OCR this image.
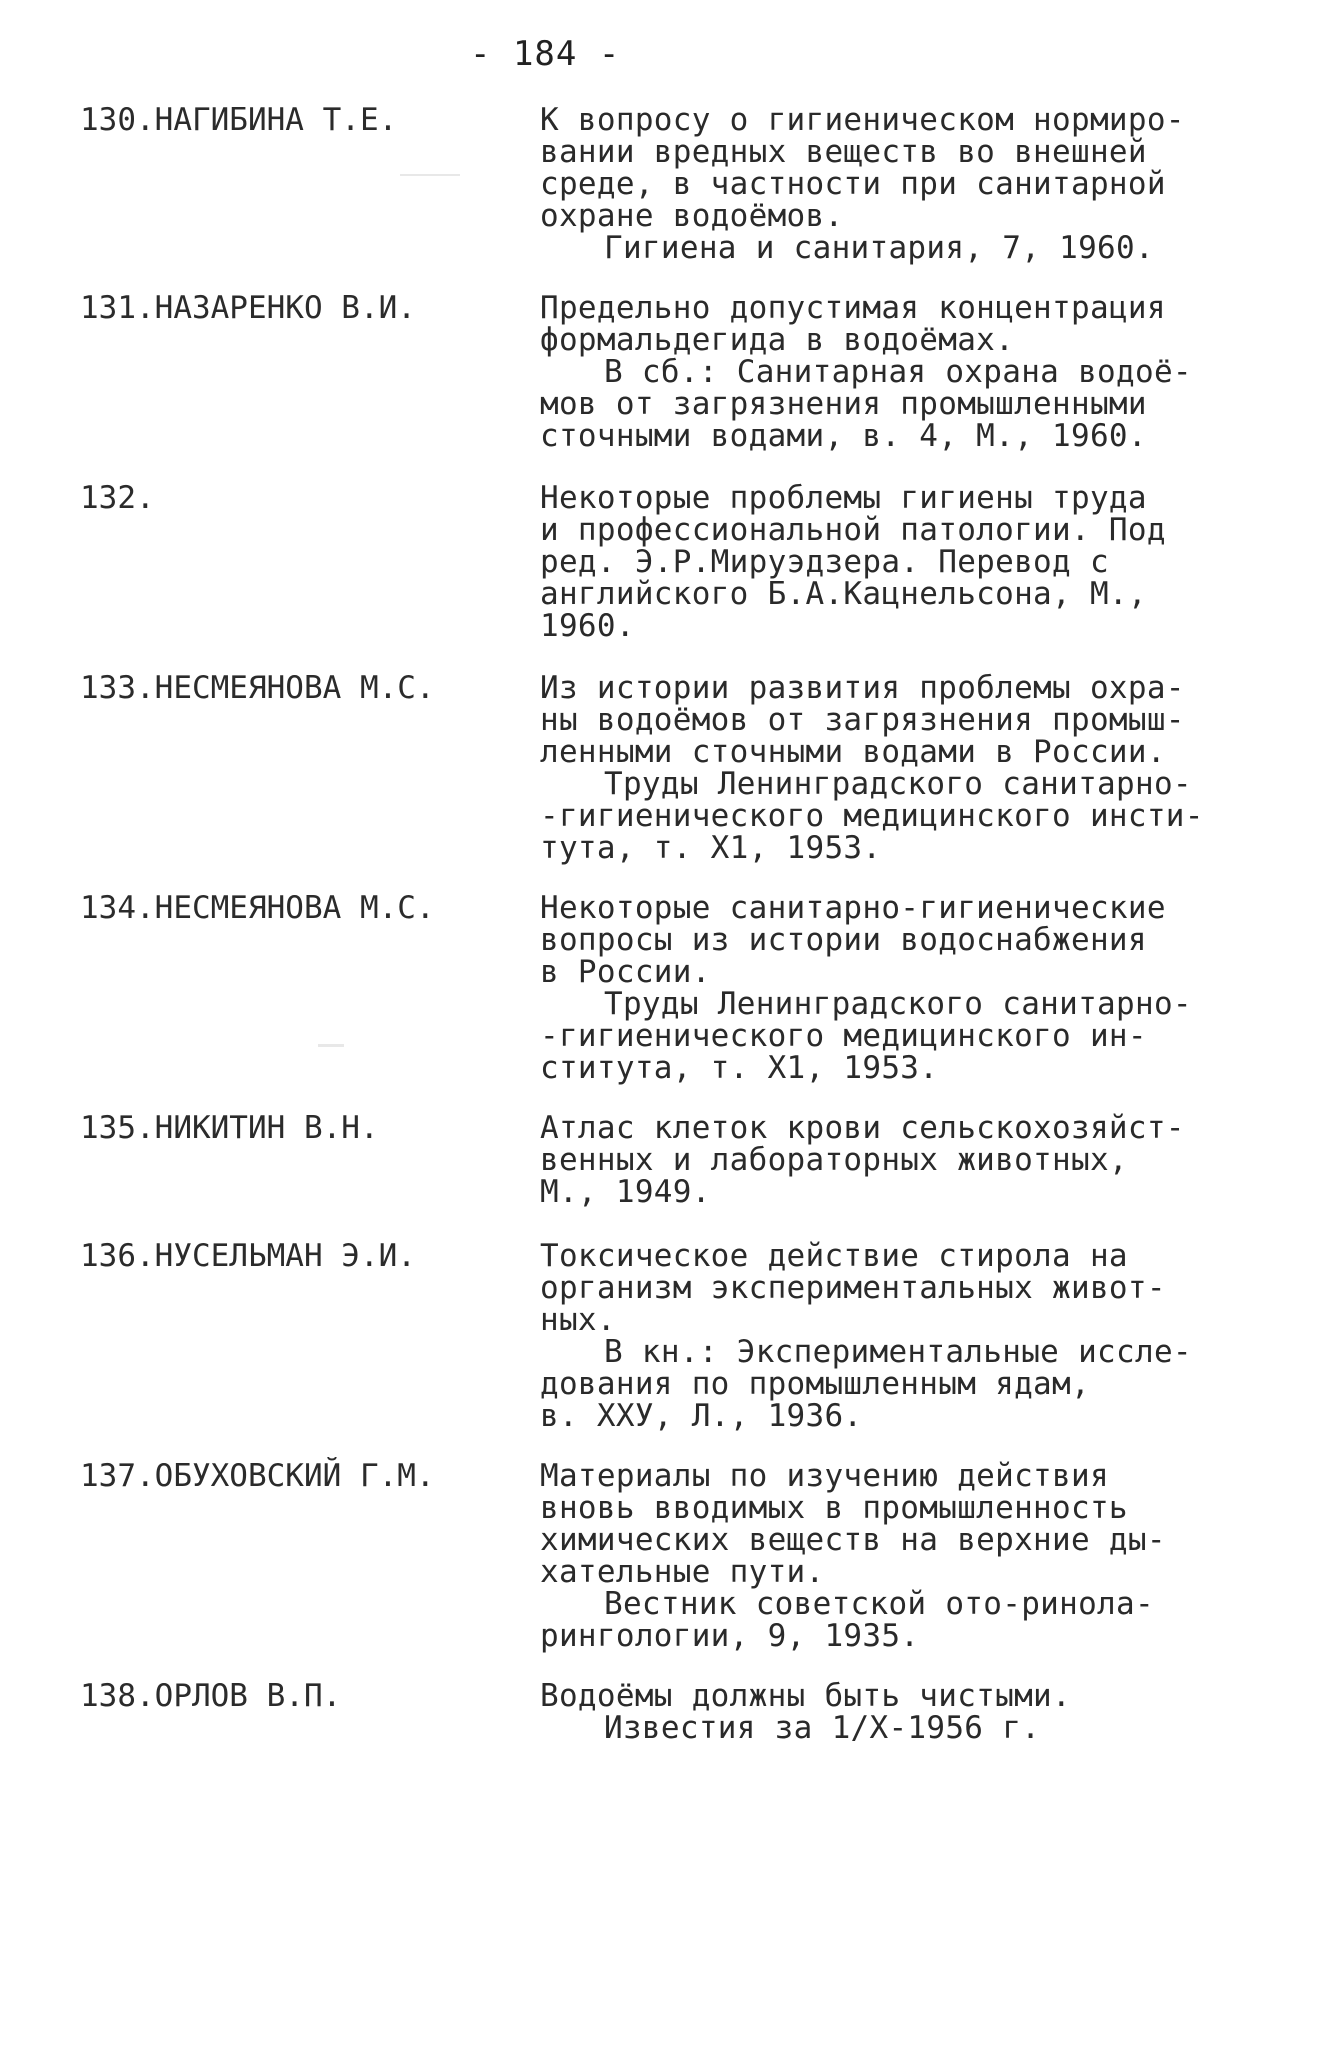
- 184 -
130.НАГИБИНА Т.Е.	К вопросу о гигиеническом нормиро-
вании вредных веществ во внешней
среде, в частности при санитарной
охране водоёмов.
Гигиена и санитария, 7, 1960.
131.НАЗАРЕНКО В.И.	Предельно допустимая концентрация
формальдегида в водоёмах.
В сб.: Санитарная охрана водоё-
мов от загрязнения промышленными
сточными водами, в. 4, М., 1960.
132.	Некоторые проблемы гигиены труда
и профессиональной патологии. Под
ред. Э.Р.Мируэдзера. Перевод с
английского Б.А.Кацнельсона, М.,
1960.
133.НЕСМЕЯНОВА М.С.	Из истории развития проблемы охра-
ны водоёмов от загрязнения промыш-
ленными сточными водами в России.
Труды Ленинградского санитарно-
-гигиенического медицинского инсти-
тута, т. Х1, 1953.
134.НЕСМЕЯНОВА М.С.	Некоторые санитарно-гигиенические
вопросы из истории водоснабжения
в России.
Труды Ленинградского санитарно-
-гигиенического медицинского ин-
ститута, т. Х1, 1953.
135.НИКИТИН В.Н.	Атлас клеток крови сельскохозяйст-
венных и лабораторных животных,
М., 1949.
136.НУСЕЛЬМАН Э.И.	Токсическое действие стирола на
организм экспериментальных живот-
ных.
В кн.: Экспериментальные иссле-
дования по промышленным ядам,
в. ХХУ, Л., 1936.
137.ОБУХОВСКИЙ Г.М.	Материалы по изучению действия
вновь вводимых в промышленность
химических веществ на верхние ды-
хательные пути.
Вестник советской ото-ринола-
рингологии, 9, 1935.
138.ОРЛОВ В.П.	Водоёмы должны быть чистыми.
Известия за 1/Х-1956 г.
